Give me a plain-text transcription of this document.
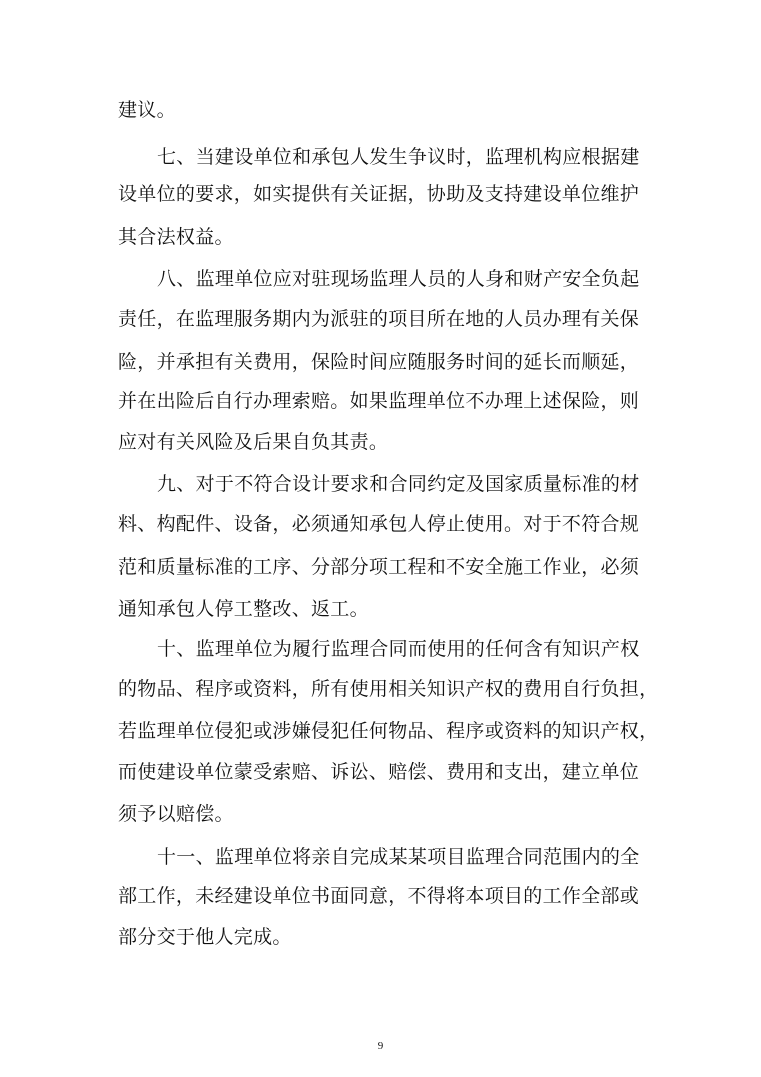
建议。
七、当建设单位和承包人发生争议时，监理机构应根据建
设单位的要求，如实提供有关证据，协助及支持建设单位维护
其合法权益。
八、监理单位应对驻现场监理人员的人身和财产安全负起
责任，在监理服务期内为派驻的项目所在地的人员办理有关保
险，并承担有关费用，保险时间应随服务时间的延长而顺延，
并在出险后自行办理索赔。如果监理单位不办理上述保险，则
应对有关风险及后果自负其责。
九、对于不符合设计要求和合同约定及国家质量标准的材
料、构配件、设备，必须通知承包人停止使用。对于不符合规
范和质量标准的工序、分部分项工程和不安全施工作业，必须
通知承包人停工整改、返工。
十、监理单位为履行监理合同而使用的任何含有知识产权
的物品、程序或资料，所有使用相关知识产权的费用自行负担，
若监理单位侵犯或涉嫌侵犯任何物品、程序或资料的知识产权，
而使建设单位蒙受索赔、诉讼、赔偿、费用和支出，建立单位
须予以赔偿。
十一、监理单位将亲自完成某某项目监理合同范围内的全
部工作，未经建设单位书面同意，不得将本项目的工作全部或
部分交于他人完成。
9
